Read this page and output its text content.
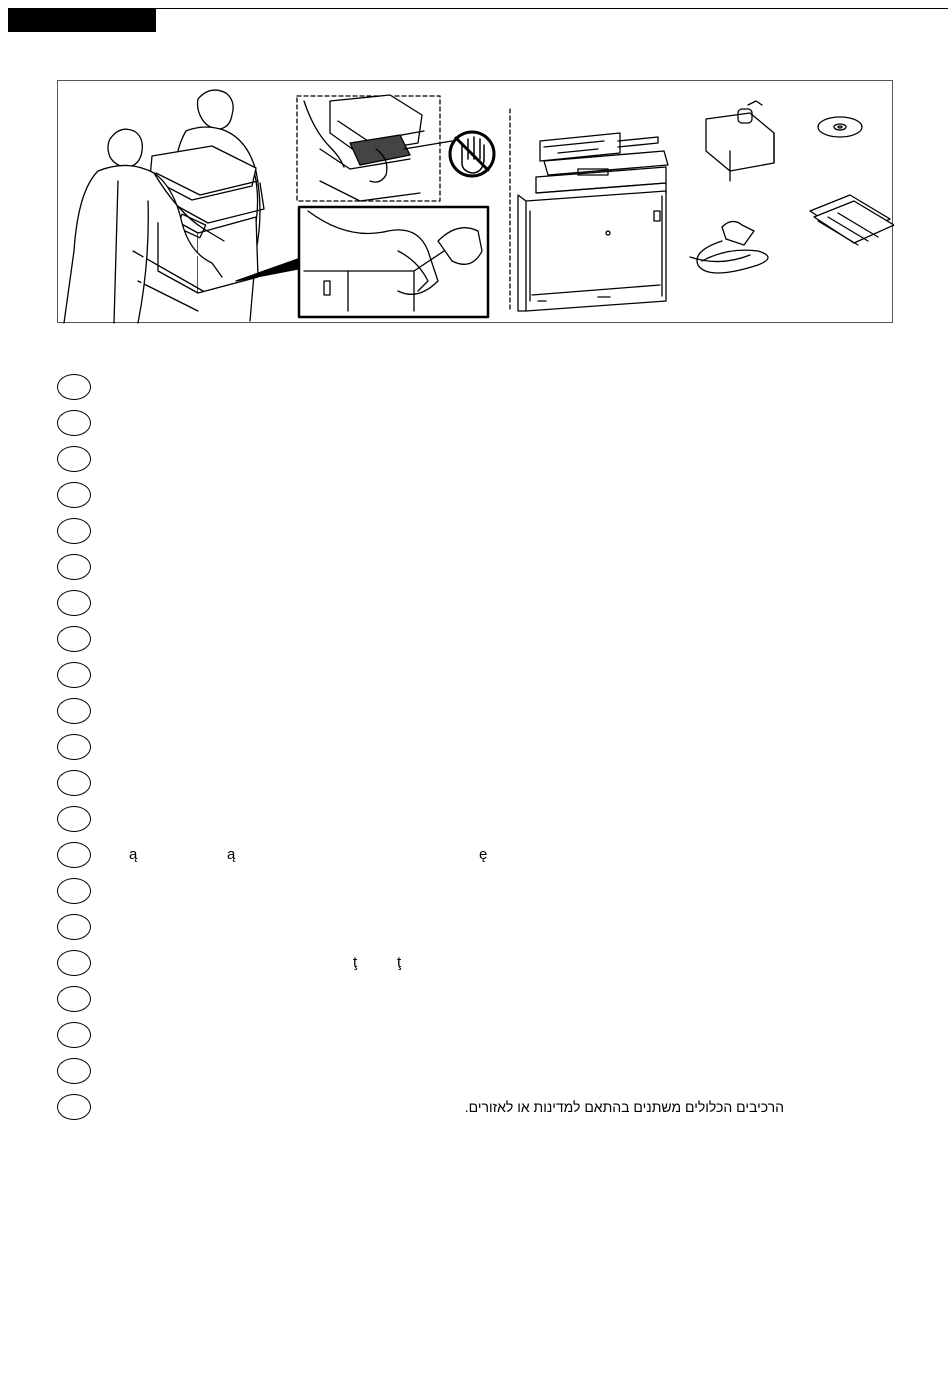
ą	ą	ę
ţ	ţ
הרכיבים הכלולים משתנים בהתאם למדינות או לאזורים.
